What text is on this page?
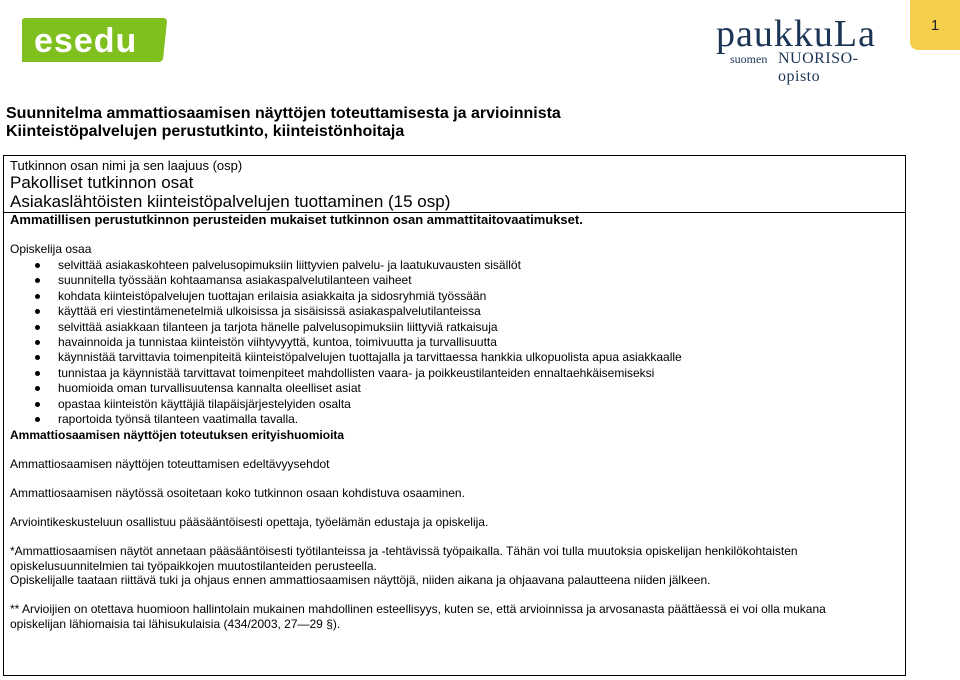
esedu	paukkuLa
suomen NUORISO-opisto
1
Suunnitelma ammattiosaamisen näyttöjen toteuttamisesta ja arvioinnista
Kiinteistöpalvelujen perustutkinto, kiinteistönhoitaja
Tutkinnon osan nimi ja sen laajuus (osp)
Pakolliset tutkinnon osat
Asiakaslähtöisten kiinteistöpalvelujen tuottaminen (15 osp)
Ammatillisen perustutkinnon perusteiden mukaiset tutkinnon osan ammattitaitovaatimukset.
Opiskelija osaa
selvittää asiakaskohteen palvelusopimuksiin liittyvien palvelu- ja laatukuvausten sisällöt
suunnitella työssään kohtaamansa asiakaspalvelutilanteen vaiheet
kohdata kiinteistöpalvelujen tuottajan erilaisia asiakkaita ja sidosryhmiä työssään
käyttää eri viestintämenetelmiä ulkoisissa ja sisäisissä asiakaspalvelutilanteissa
selvittää asiakkaan tilanteen ja tarjota hänelle palvelusopimuksiin liittyviä ratkaisuja
havainnoida ja tunnistaa kiinteistön viihtyvyyttä, kuntoa, toimivuutta ja turvallisuutta
käynnistää tarvittavia toimenpiteitä kiinteistöpalvelujen tuottajalla ja tarvittaessa hankkia ulkopuolista apua asiakkaalle
tunnistaa ja käynnistää tarvittavat toimenpiteet mahdollisten vaara- ja poikkeustilanteiden ennaltaehkäisemiseksi
huomioida oman turvallisuutensa kannalta oleelliset asiat
opastaa kiinteistön käyttäjiä tilapäisjärjestelyiden osalta
raportoida työnsä tilanteen vaatimalla tavalla.
Ammattiosaamisen näyttöjen toteutuksen erityishuomioita
Ammattiosaamisen näyttöjen toteuttamisen edeltävyysehdot
Ammattiosaamisen näytössä osoitetaan koko tutkinnon osaan kohdistuva osaaminen.
Arviointikeskusteluun osallistuu pääsääntöisesti opettaja, työelämän edustaja ja opiskelija.
*Ammattiosaamisen näytöt annetaan pääsääntöisesti työtilanteissa ja -tehtävissä työpaikalla. Tähän voi tulla muutoksia opiskelijan henkilökohtaisten
opiskelusuunnitelmien tai työpaikkojen muutostilanteiden perusteella.
Opiskelijalle taataan riittävä tuki ja ohjaus ennen ammattiosaamisen näyttöjä, niiden aikana ja ohjaavana palautteena niiden jälkeen.
** Arvioijien on otettava huomioon hallintolain mukainen mahdollinen esteellisyys, kuten se, että arvioinnissa ja arvosanasta päättäessä ei voi olla mukana
opiskelijan lähiomaisia tai lähisukulaisia (434/2003, 27―29 §).
